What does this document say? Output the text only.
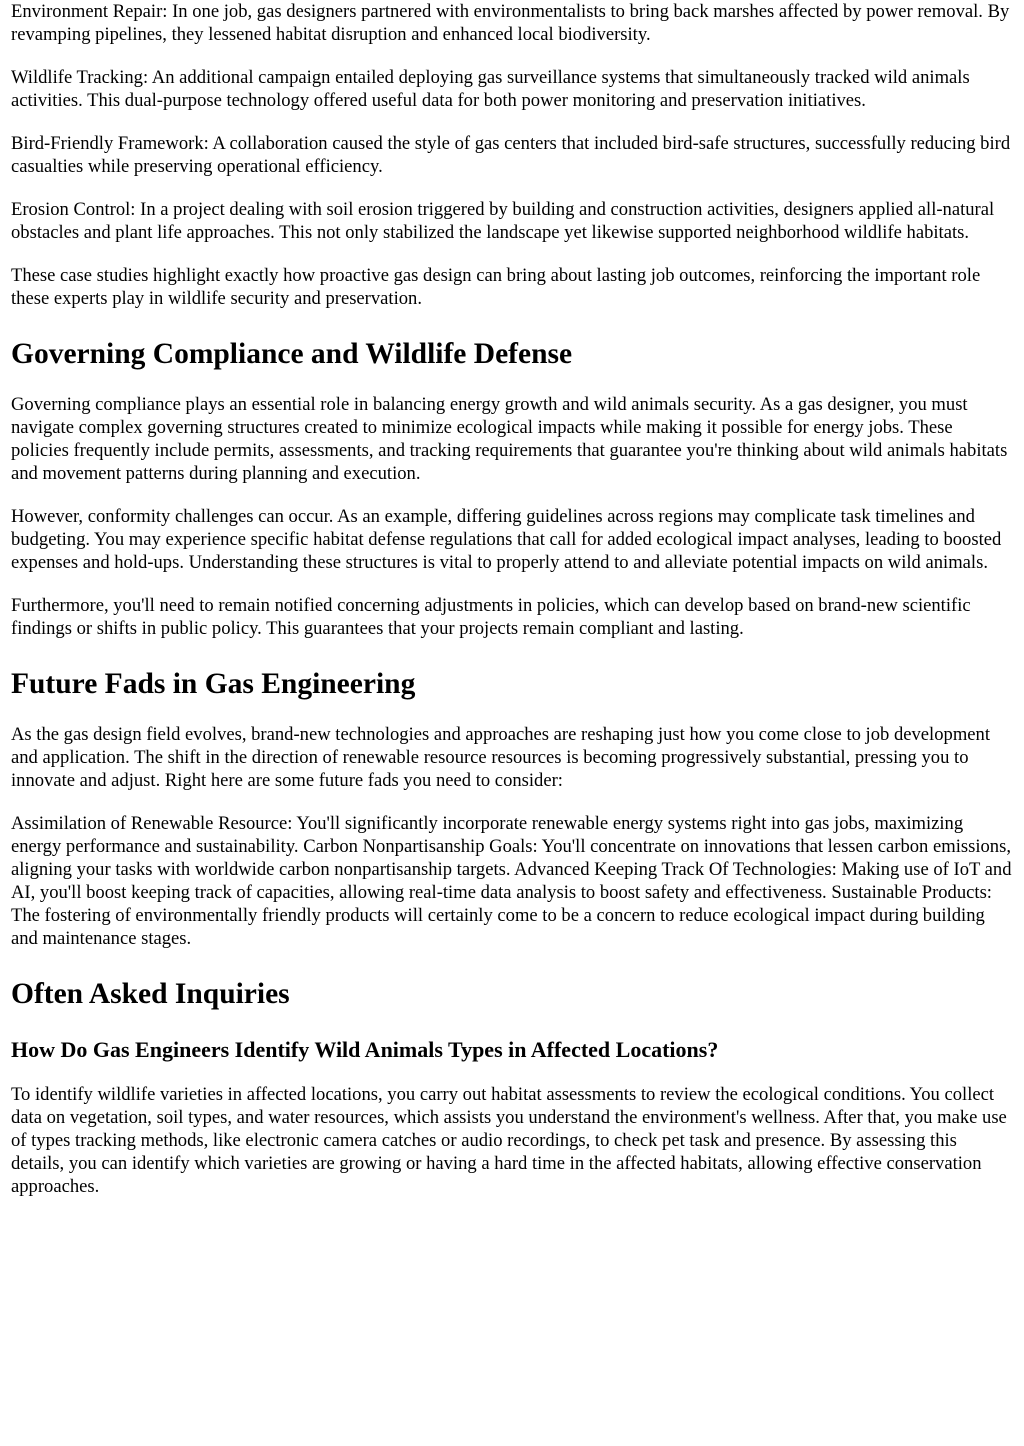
Environment Repair: In one job, gas designers partnered with environmentalists to bring back marshes affected by power removal. By revamping pipelines, they lessened habitat disruption and enhanced local biodiversity.

Wildlife Tracking: An additional campaign entailed deploying gas surveillance systems that simultaneously tracked wild animals activities. This dual-purpose technology offered useful data for both power monitoring and preservation initiatives.

Bird-Friendly Framework: A collaboration caused the style of gas centers that included bird-safe structures, successfully reducing bird casualties while preserving operational efficiency.

Erosion Control: In a project dealing with soil erosion triggered by building and construction activities, designers applied all-natural obstacles and plant life approaches. This not only stabilized the landscape yet likewise supported neighborhood wildlife habitats.

These case studies highlight exactly how proactive gas design can bring about lasting job outcomes, reinforcing the important role these experts play in wildlife security and preservation.

Governing Compliance and Wildlife Defense

Governing compliance plays an essential role in balancing energy growth and wild animals security. As a gas designer, you must navigate complex governing structures created to minimize ecological impacts while making it possible for energy jobs. These policies frequently include permits, assessments, and tracking requirements that guarantee you're thinking about wild animals habitats and movement patterns during planning and execution.

However, conformity challenges can occur. As an example, differing guidelines across regions may complicate task timelines and budgeting. You may experience specific habitat defense regulations that call for added ecological impact analyses, leading to boosted expenses and hold-ups. Understanding these structures is vital to properly attend to and alleviate potential impacts on wild animals.

Furthermore, you'll need to remain notified concerning adjustments in policies, which can develop based on brand-new scientific findings or shifts in public policy. This guarantees that your projects remain compliant and lasting.

Future Fads in Gas Engineering

As the gas design field evolves, brand-new technologies and approaches are reshaping just how you come close to job development and application. The shift in the direction of renewable resource resources is becoming progressively substantial, pressing you to innovate and adjust. Right here are some future fads you need to consider:

Assimilation of Renewable Resource: You'll significantly incorporate renewable energy systems right into gas jobs, maximizing energy performance and sustainability. Carbon Nonpartisanship Goals: You'll concentrate on innovations that lessen carbon emissions, aligning your tasks with worldwide carbon nonpartisanship targets. Advanced Keeping Track Of Technologies: Making use of IoT and AI, you'll boost keeping track of capacities, allowing real-time data analysis to boost safety and effectiveness. Sustainable Products: The fostering of environmentally friendly products will certainly come to be a concern to reduce ecological impact during building and maintenance stages.

Often Asked Inquiries
How Do Gas Engineers Identify Wild Animals Types in Affected Locations?

To identify wildlife varieties in affected locations, you carry out habitat assessments to review the ecological conditions. You collect data on vegetation, soil types, and water resources, which assists you understand the environment's wellness. After that, you make use of types tracking methods, like electronic camera catches or audio recordings, to check pet task and presence. By assessing this details, you can identify which varieties are growing or having a hard time in the affected habitats, allowing effective conservation approaches.
